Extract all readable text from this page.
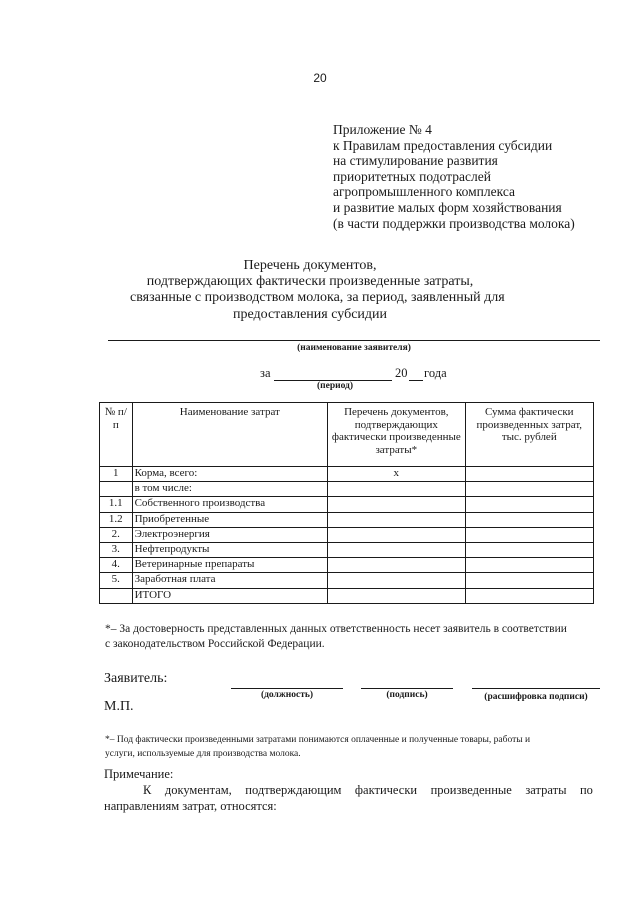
20
Приложение № 4
к Правилам предоставления субсидии
на стимулирование развития
приоритетных подотраслей
агропромышленного комплекса
и развитие малых форм хозяйствования
(в части поддержки производства молока)
Перечень документов,
подтверждающих фактически произведенные затраты,
связанные с производством молока, за период, заявленный для
предоставления субсидии
(наименование заявителя)
за	20 года
(период)
№ п/п	Наименование затрат	Перечень документов, подтверждающих фактически произведенные затраты*	Сумма фактически произведенных затрат, тыс. рублей
1	Корма, всего:	х	
	в том числе:		
1.1	Собственного производства		
1.2	Приобретенные		
2.	Электроэнергия		
3.	Нефтепродукты		
4.	Ветеринарные препараты		
5.	Заработная плата		
	ИТОГО		
*– За достоверность представленных данных ответственность несет заявитель в соответствии
с законодательством Российской Федерации.
Заявитель:
(должность)	(подпись)	(расшифровка подписи)
М.П.
*– Под фактически произведенными затратами понимаются оплаченные и полученные товары, работы и
услуги, используемые для производства молока.
Примечание:
К документам, подтверждающим фактически произведенные затраты по
направлениям затрат, относятся:
